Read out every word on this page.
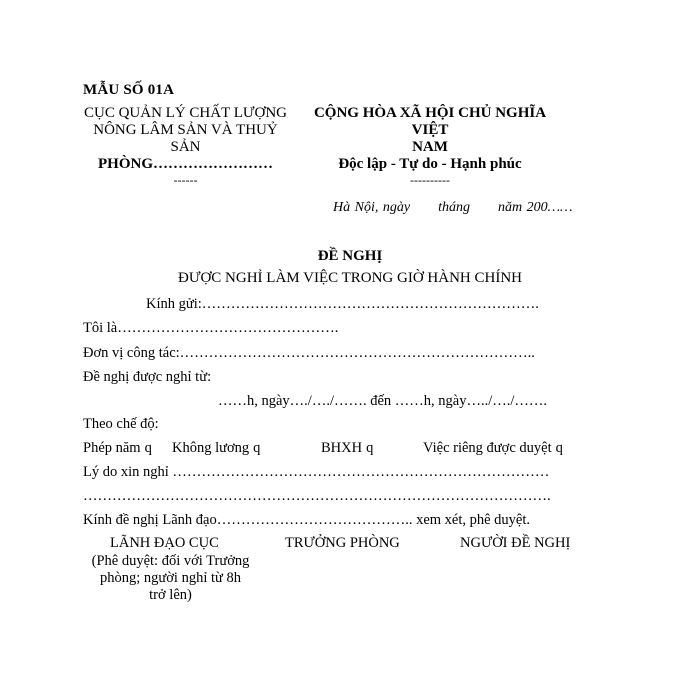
MẪU SỐ 01A
CỤC QUẢN LÝ CHẤT LƯỢNG
NÔNG LÂM SẢN VÀ THUỶ
SẢN
PHÒNG……………………
------
CỘNG HÒA XÃ HỘI CHỦ NGHĨA VIỆT
NAM
Độc lập - Tự do - Hạnh phúc
----------
Hà Nội, ngày tháng năm 200……
ĐỀ NGHỊ
ĐƯỢC NGHỈ LÀM VIỆC TRONG GIỜ HÀNH CHÍNH
Kính gửi:…………………………………………………………….
Tôi là……………………………………….
Đơn vị công tác:………………………………………………………………..
Đề nghị được nghỉ từ:
……h, ngày…./…./……. đến ……h, ngày…../…./…….
Theo chế độ:
Phép năm q Không lương q	BHXH q	Việc riêng được duyệt q
Lý do xin nghỉ ……………………………………………………………………
…………………………………………………………………………………….
Kính đề nghị Lãnh đạo………………………………….. xem xét, phê duyệt.
LÃNH ĐẠO CỤC	TRƯỞNG PHÒNG	NGƯỜI ĐỀ NGHỊ
(Phê duyệt: đối với Trưởng
phòng; người nghỉ từ 8h
trở lên)
